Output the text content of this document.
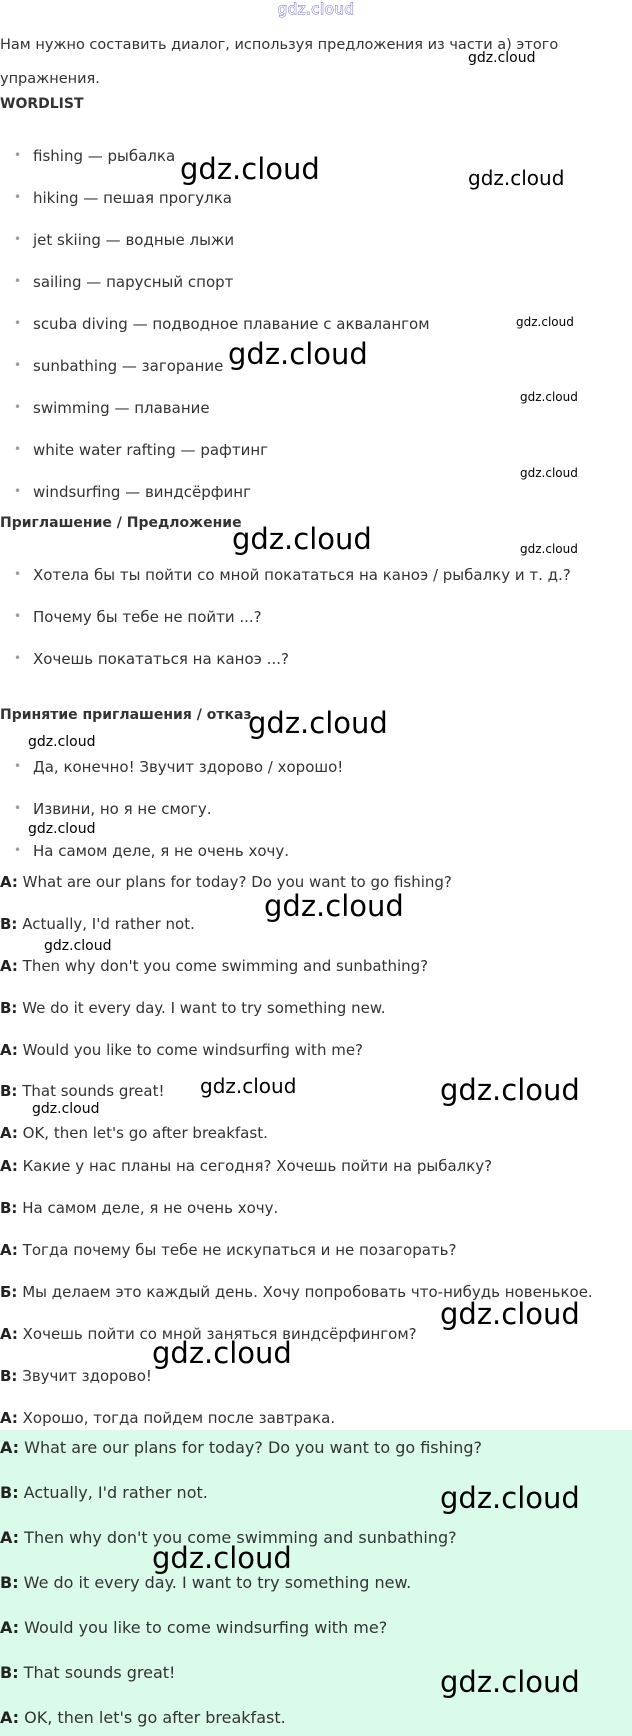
gdz.cloud
Нам нужно составить диалог, используя предложения из части а) этого упражнения.
WORDLIST
• fishing — рыбалка
• hiking — пешая прогулка
• jet skiing — водные лыжи
• sailing — парусный спорт
• scuba diving — подводное плавание с аквалангом
• sunbathing — загорание
• swimming — плавание
• white water rafting — рафтинг
• windsurfing — виндсёрфинг
Приглашение / Предложение
• Хотела бы ты пойти со мной покататься на каноэ / рыбалку и т. д.?
• Почему бы тебе не пойти ...?
• Хочешь покататься на каноэ ...?
Принятие приглашения / отказ
• Да, конечно! Звучит здорово / хорошо!
• Извини, но я не смогу.
• На самом деле, я не очень хочу.
A: What are our plans for today? Do you want to go fishing?
B: Actually, I'd rather not.
A: Then why don't you come swimming and sunbathing?
B: We do it every day. I want to try something new.
A: Would you like to come windsurfing with me?
B: That sounds great!
A: OK, then let's go after breakfast.
A: Какие у нас планы на сегодня? Хочешь пойти на рыбалку?
B: На самом деле, я не очень хочу.
A: Тогда почему бы тебе не искупаться и не позагорать?
Б: Мы делаем это каждый день. Хочу попробовать что-нибудь новенькое.
A: Хочешь пойти со мной заняться виндсёрфингом?
B: Звучит здорово!
A: Хорошо, тогда пойдем после завтрака.
A: What are our plans for today? Do you want to go fishing?
B: Actually, I'd rather not.
A: Then why don't you come swimming and sunbathing?
B: We do it every day. I want to try something new.
A: Would you like to come windsurfing with me?
B: That sounds great!
A: OK, then let's go after breakfast.
gdz.cloud
gdz.cloud	gdz.cloud
gdz.cloud
gdz.cloud
gdz.cloud
gdz.cloud
gdz.cloud	gdz.cloud
gdz.cloud
gdz.cloud
gdz.cloud
gdz.cloud
gdz.cloud
gdz.cloud	gdz.cloud
gdz.cloud
gdz.cloud
gdz.cloud
gdz.cloud
gdz.cloud
gdz.cloud
